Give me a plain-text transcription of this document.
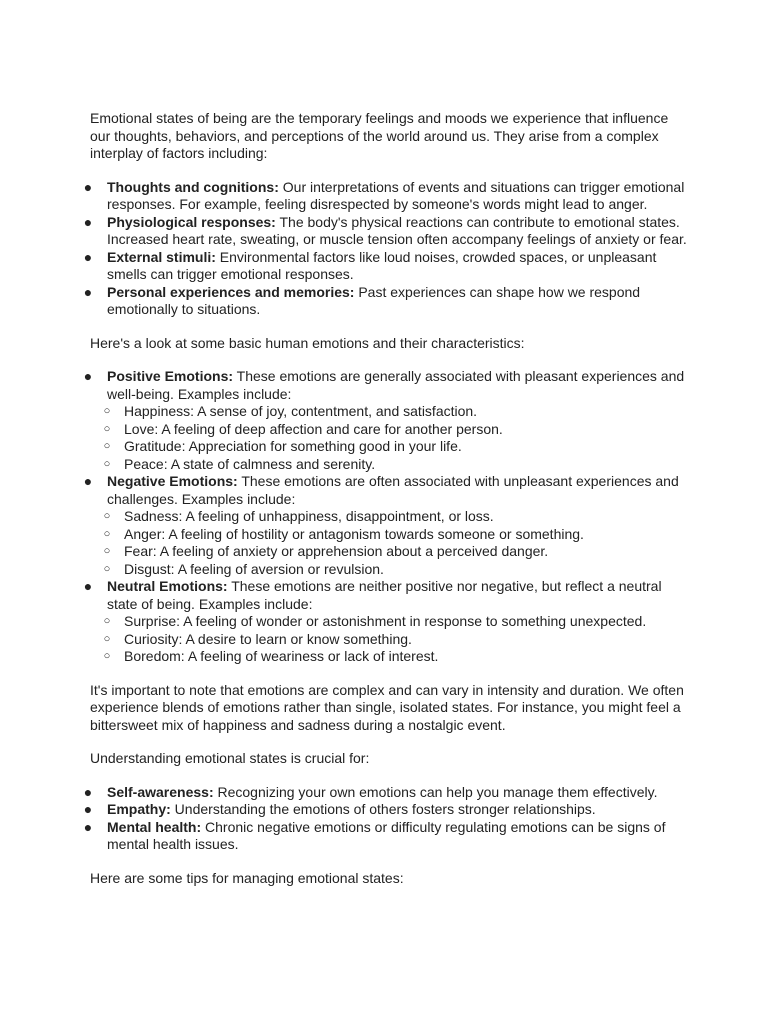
Emotional states of being are the temporary feelings and moods we experience that influence our thoughts, behaviors, and perceptions of the world around us. They arise from a complex interplay of factors including:

● Thoughts and cognitions: Our interpretations of events and situations can trigger emotional responses. For example, feeling disrespected by someone's words might lead to anger.
● Physiological responses: The body's physical reactions can contribute to emotional states. Increased heart rate, sweating, or muscle tension often accompany feelings of anxiety or fear.
● External stimuli: Environmental factors like loud noises, crowded spaces, or unpleasant smells can trigger emotional responses.
● Personal experiences and memories: Past experiences can shape how we respond emotionally to situations.

Here's a look at some basic human emotions and their characteristics:

● Positive Emotions: These emotions are generally associated with pleasant experiences and well-being. Examples include:
○ Happiness: A sense of joy, contentment, and satisfaction.
○ Love: A feeling of deep affection and care for another person.
○ Gratitude: Appreciation for something good in your life.
○ Peace: A state of calmness and serenity.
● Negative Emotions: These emotions are often associated with unpleasant experiences and challenges. Examples include:
○ Sadness: A feeling of unhappiness, disappointment, or loss.
○ Anger: A feeling of hostility or antagonism towards someone or something.
○ Fear: A feeling of anxiety or apprehension about a perceived danger.
○ Disgust: A feeling of aversion or revulsion.
● Neutral Emotions: These emotions are neither positive nor negative, but reflect a neutral state of being. Examples include:
○ Surprise: A feeling of wonder or astonishment in response to something unexpected.
○ Curiosity: A desire to learn or know something.
○ Boredom: A feeling of weariness or lack of interest.

It's important to note that emotions are complex and can vary in intensity and duration. We often experience blends of emotions rather than single, isolated states. For instance, you might feel a bittersweet mix of happiness and sadness during a nostalgic event.

Understanding emotional states is crucial for:

● Self-awareness: Recognizing your own emotions can help you manage them effectively.
● Empathy: Understanding the emotions of others fosters stronger relationships.
● Mental health: Chronic negative emotions or difficulty regulating emotions can be signs of mental health issues.

Here are some tips for managing emotional states:
